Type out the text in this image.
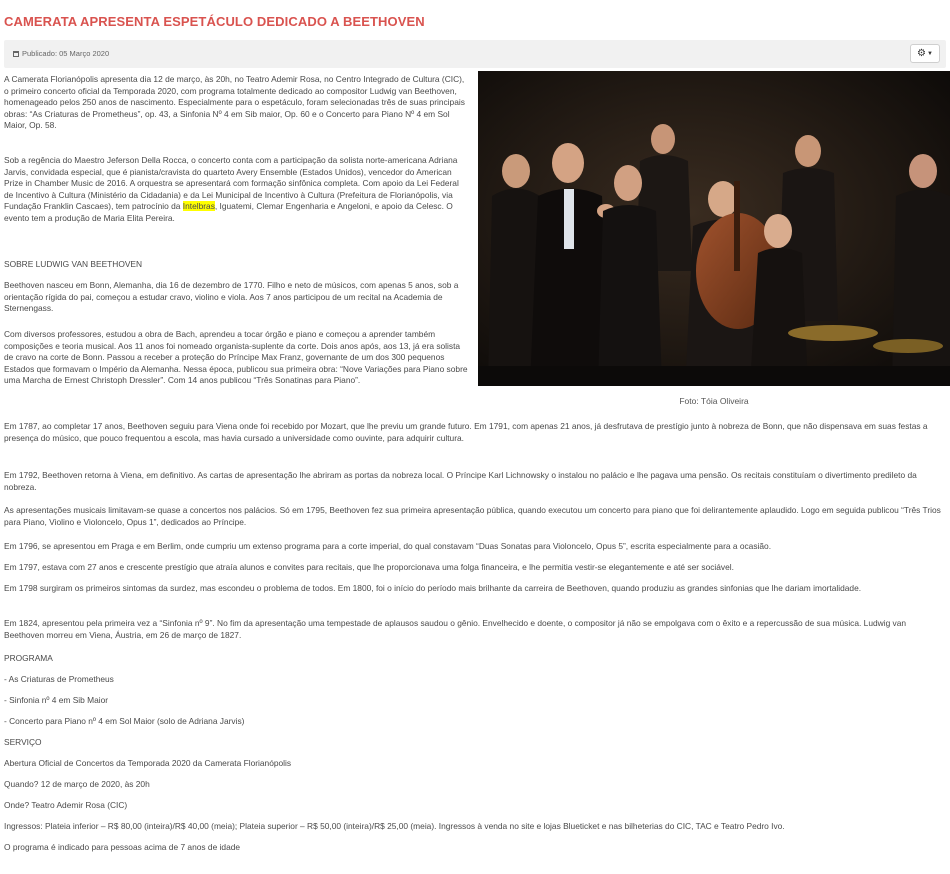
CAMERATA APRESENTA ESPETÁCULO DEDICADO A BEETHOVEN
Publicado: 05 Março 2020	⚙ ▼
Foto: Tóia Oliveira

A Camerata Florianópolis apresenta dia 12 de março, às 20h, no Teatro Ademir Rosa, no Centro Integrado de Cultura (CIC), o primeiro concerto oficial da Temporada 2020, com programa totalmente dedicado ao compositor Ludwig van Beethoven, homenageado pelos 250 anos de nascimento. Especialmente para o espetáculo, foram selecionadas três de suas principais obras: “As Criaturas de Prometheus”, op. 43, a Sinfonia Nº 4 em Sib maior, Op. 60 e o Concerto para Piano Nº 4 em Sol Maior, Op. 58.

Sob a regência do Maestro Jeferson Della Rocca, o concerto conta com a participação da solista norte-americana Adriana Jarvis, convidada especial, que é pianista/cravista do quarteto Avery Ensemble (Estados Unidos), vencedor do American Prize in Chamber Music de 2016. A orquestra se apresentará com formação sinfônica completa. Com apoio da Lei Federal de Incentivo à Cultura (Ministério da Cidadania) e da Lei Municipal de Incentivo à Cultura (Prefeitura de Florianópolis, via Fundação Franklin Cascaes), tem patrocínio da Intelbras, Iguatemi, Clemar Engenharia e Angeloni, e apoio da Celesc. O evento tem a produção de Maria Elita Pereira.

SOBRE LUDWIG VAN BEETHOVEN

Beethoven nasceu em Bonn, Alemanha, dia 16 de dezembro de 1770. Filho e neto de músicos, com apenas 5 anos, sob a orientação rígida do pai, começou a estudar cravo, violino e viola. Aos 7 anos participou de um recital na Academia de Sternengass.

Com diversos professores, estudou a obra de Bach, aprendeu a tocar órgão e piano e começou a aprender também composições e teoria musical. Aos 11 anos foi nomeado organista-suplente da corte. Dois anos após, aos 13, já era solista de cravo na corte de Bonn. Passou a receber a proteção do Príncipe Max Franz, governante de um dos 300 pequenos Estados que formavam o Império da Alemanha. Nessa época, publicou sua primeira obra: “Nove Variações para Piano sobre uma Marcha de Ernest Christoph Dressler”. Com 14 anos publicou “Três Sonatinas para Piano”.

Em 1787, ao completar 17 anos, Beethoven seguiu para Viena onde foi recebido por Mozart, que lhe previu um grande futuro. Em 1791, com apenas 21 anos, já desfrutava de prestígio junto à nobreza de Bonn, que não dispensava em suas festas a presença do músico, que pouco frequentou a escola, mas havia cursado a universidade como ouvinte, para adquirir cultura.

Em 1792, Beethoven retorna à Viena, em definitivo. As cartas de apresentação lhe abriram as portas da nobreza local. O Príncipe Karl Lichnowsky o instalou no palácio e lhe pagava uma pensão. Os recitais constituíam o divertimento predileto da nobreza.

As apresentações musicais limitavam-se quase a concertos nos palácios. Só em 1795, Beethoven fez sua primeira apresentação pública, quando executou um concerto para piano que foi delirantemente aplaudido. Logo em seguida publicou “Três Trios para Piano, Violino e Violoncelo, Opus 1”, dedicados ao Príncipe.

Em 1796, se apresentou em Praga e em Berlim, onde cumpriu um extenso programa para a corte imperial, do qual constavam “Duas Sonatas para Violoncelo, Opus 5”, escrita especialmente para a ocasião.

Em 1797, estava com 27 anos e crescente prestígio que atraía alunos e convites para recitais, que lhe proporcionava uma folga financeira, e lhe permitia vestir-se elegantemente e até ser sociável.

Em 1798 surgiram os primeiros sintomas da surdez, mas escondeu o problema de todos. Em 1800, foi o início do período mais brilhante da carreira de Beethoven, quando produziu as grandes sinfonias que lhe dariam imortalidade.

Em 1824, apresentou pela primeira vez a “Sinfonia nº 9”. No fim da apresentação uma tempestade de aplausos saudou o gênio. Envelhecido e doente, o compositor já não se empolgava com o êxito e a repercussão de sua música. Ludwig van Beethoven morreu em Viena, Áustria, em 26 de março de 1827.

PROGRAMA

- As Criaturas de Prometheus

- Sinfonia nº 4 em Sib Maior

- Concerto para Piano nº 4 em Sol Maior (solo de Adriana Jarvis)

SERVIÇO

Abertura Oficial de Concertos da Temporada 2020 da Camerata Florianópolis

Quando? 12 de março de 2020, às 20h

Onde? Teatro Ademir Rosa (CIC)

Ingressos: Plateia inferior – R$ 80,00 (inteira)/R$ 40,00 (meia); Plateia superior – R$ 50,00 (inteira)/R$ 25,00 (meia). Ingressos à venda no site e lojas Blueticket e nas bilheterias do CIC, TAC e Teatro Pedro Ivo.

O programa é indicado para pessoas acima de 7 anos de idade
